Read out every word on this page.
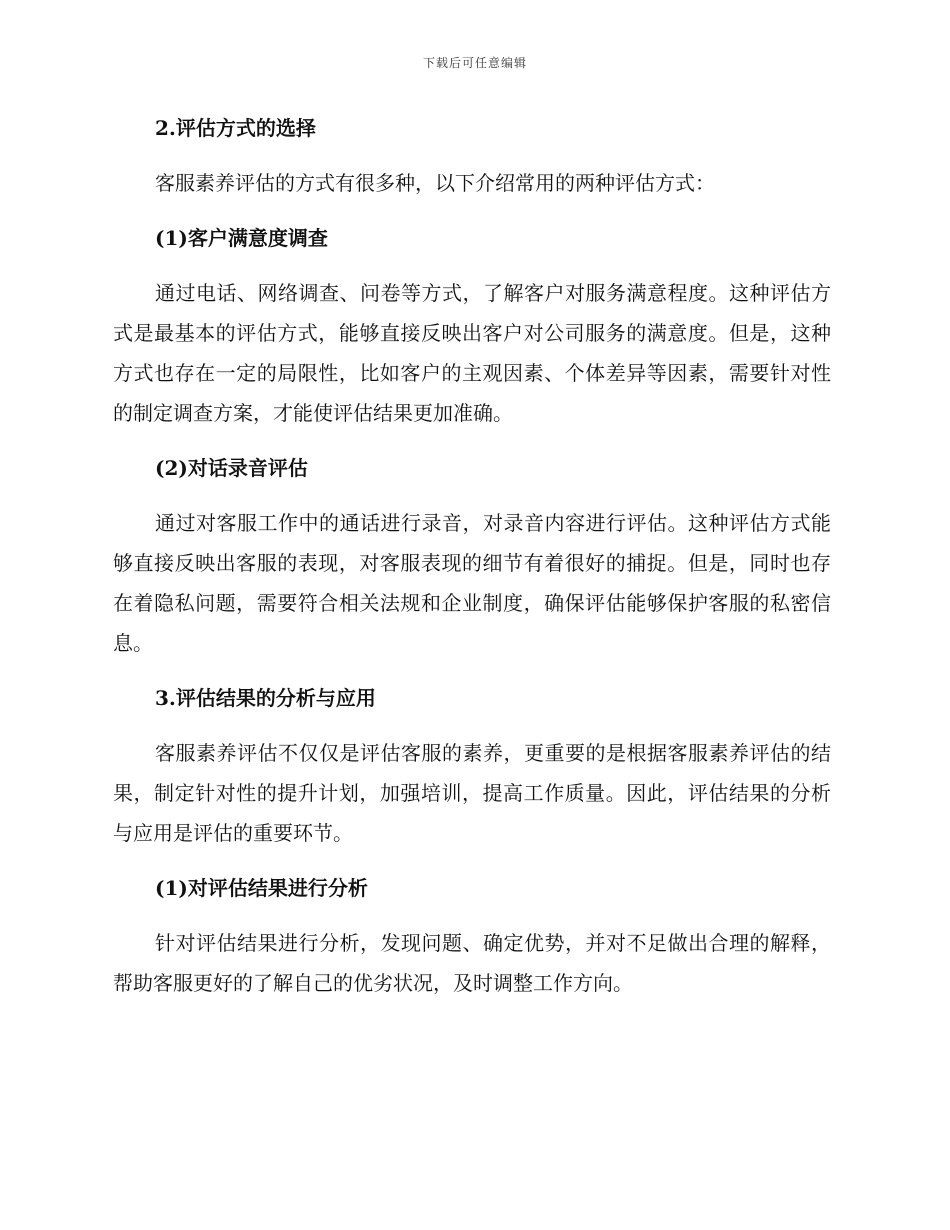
下载后可任意编辑
2.评估方式的选择

客服素养评估的方式有很多种，以下介绍常用的两种评估方式：

(1)客户满意度调查

通过电话、网络调查、问卷等方式，了解客户对服务满意程度。这种评估方式是最基本的评估方式，能够直接反映出客户对公司服务的满意度。但是，这种方式也存在一定的局限性，比如客户的主观因素、个体差异等因素，需要针对性的制定调查方案，才能使评估结果更加准确。

(2)对话录音评估

通过对客服工作中的通话进行录音，对录音内容进行评估。这种评估方式能够直接反映出客服的表现，对客服表现的细节有着很好的捕捉。但是，同时也存在着隐私问题，需要符合相关法规和企业制度，确保评估能够保护客服的私密信息。

3.评估结果的分析与应用

客服素养评估不仅仅是评估客服的素养，更重要的是根据客服素养评估的结果，制定针对性的提升计划，加强培训，提高工作质量。因此，评估结果的分析与应用是评估的重要环节。

(1)对评估结果进行分析

针对评估结果进行分析，发现问题、确定优势，并对不足做出合理的解释，帮助客服更好的了解自己的优劣状况，及时调整工作方向。
